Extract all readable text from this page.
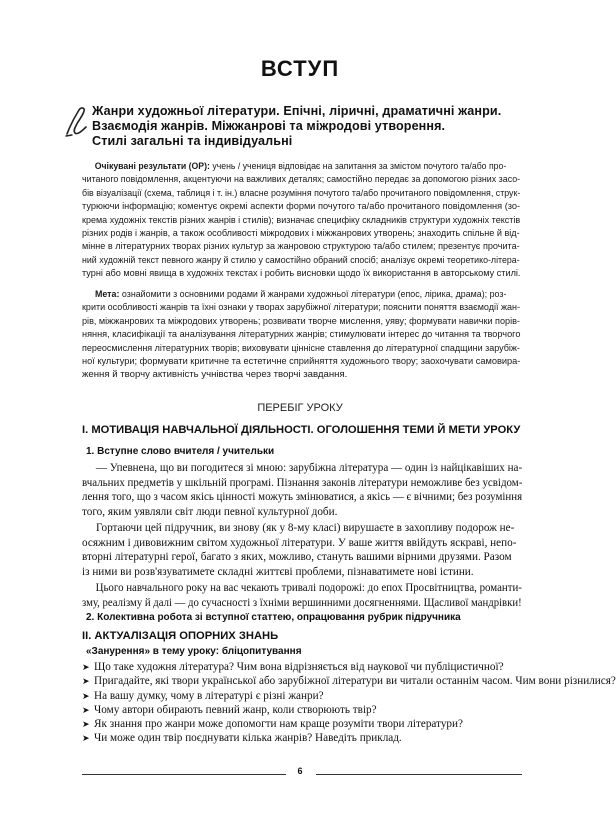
ВСТУП
Жанри художньої літератури. Епічні, ліричні, драматичні жанри.
Взаємодія жанрів. Міжжанрові та міжродові утворення.
Стилі загальні та індивідуальні
Очікувані результати (ОР): учень / учениця відповідає на запитання за змістом почутого та/або про-
читаного повідомлення, акцентуючи на важливих деталях; самостійно передає за допомогою різних засо-
бів візуалізації (схема, таблиця і т. ін.) власне розуміння почутого та/або прочитаного повідомлення, струк-
турюючи інформацію; коментує окремі аспекти форми почутого та/або прочитаного повідомлення (зо-
крема художніх текстів різних жанрів і стилів); визначає специфіку складників структури художніх текстів
різних родів і жанрів, а також особливості міжродових і міжжанрових утворень; знаходить спільне й від-
мінне в літературних творах різних культур за жанровою структурою та/або стилем; презентує прочита-
ний художній текст певного жанру й стилю у самостійно обраний спосіб; аналізує окремі теоретико-літера-
турні або мовні явища в художніх текстах і робить висновки щодо їх використання в авторському стилі.
Мета: ознайомити з основними родами й жанрами художньої літератури (епос, лірика, драма); роз-
крити особливості жанрів та їхні ознаки у творах зарубіжної літератури; пояснити поняття взаємодії жан-
рів, міжжанрових та міжродових утворень; розвивати творче мислення, уяву; формувати навички порів-
няння, класифікації та аналізування літературних жанрів; стимулювати інтерес до читання та творчого
переосмислення літературних творів; виховувати ціннісне ставлення до літературної спадщини зарубіж-
ної культури; формувати критичне та естетичне сприйняття художнього твору; заохочувати самовира-
ження й творчу активність учнівства через творчі завдання.
ПЕРЕБІГ УРОКУ
I. МОТИВАЦІЯ НАВЧАЛЬНОЇ ДІЯЛЬНОСТІ. ОГОЛОШЕННЯ ТЕМИ Й МЕТИ УРОКУ
1. Вступне слово вчителя / учительки
— Упевнена, що ви погодитеся зі мною: зарубіжна література — один із найцікавіших на-
вчальних предметів у шкільній програмі. Пізнання законів літератури неможливе без усвідом-
лення того, що з часом якісь цінності можуть змінюватися, а якісь — є вічними; без розуміння
того, яким уявляли світ люди певної культурної доби.
Гортаючи цей підручник, ви знову (як у 8-му класі) вирушаєте в захопливу подорож не-
осяжним і дивовижним світом художньої літератури. У ваше життя ввійдуть яскраві, непо-
вторні літературні герої, багато з яких, можливо, стануть вашими вірними друзями. Разом
із ними ви розв'язуватимете складні життєві проблеми, пізнаватимете нові істини.
Цього навчального року на вас чекають тривалі подорожі: до епох Просвітництва, романти-
зму, реалізму й далі — до сучасності з їхніми вершинними досягненнями. Щасливої мандрівки!
2. Колективна робота зі вступної статтею, опрацювання рубрик підручника
II. АКТУАЛІЗАЦІЯ ОПОРНИХ ЗНАНЬ
«Занурення» в тему уроку: бліцопитування
➤ Що таке художня література? Чим вона відрізняється від наукової чи публіцистичної?
➤ Пригадайте, які твори української або зарубіжної літератури ви читали останнім часом. Чим вони різнилися?
➤ На вашу думку, чому в літературі є різні жанри?
➤ Чому автори обирають певний жанр, коли створюють твір?
➤ Як знання про жанри може допомогти нам краще розуміти твори літератури?
➤ Чи може один твір поєднувати кілька жанрів? Наведіть приклад.
6
